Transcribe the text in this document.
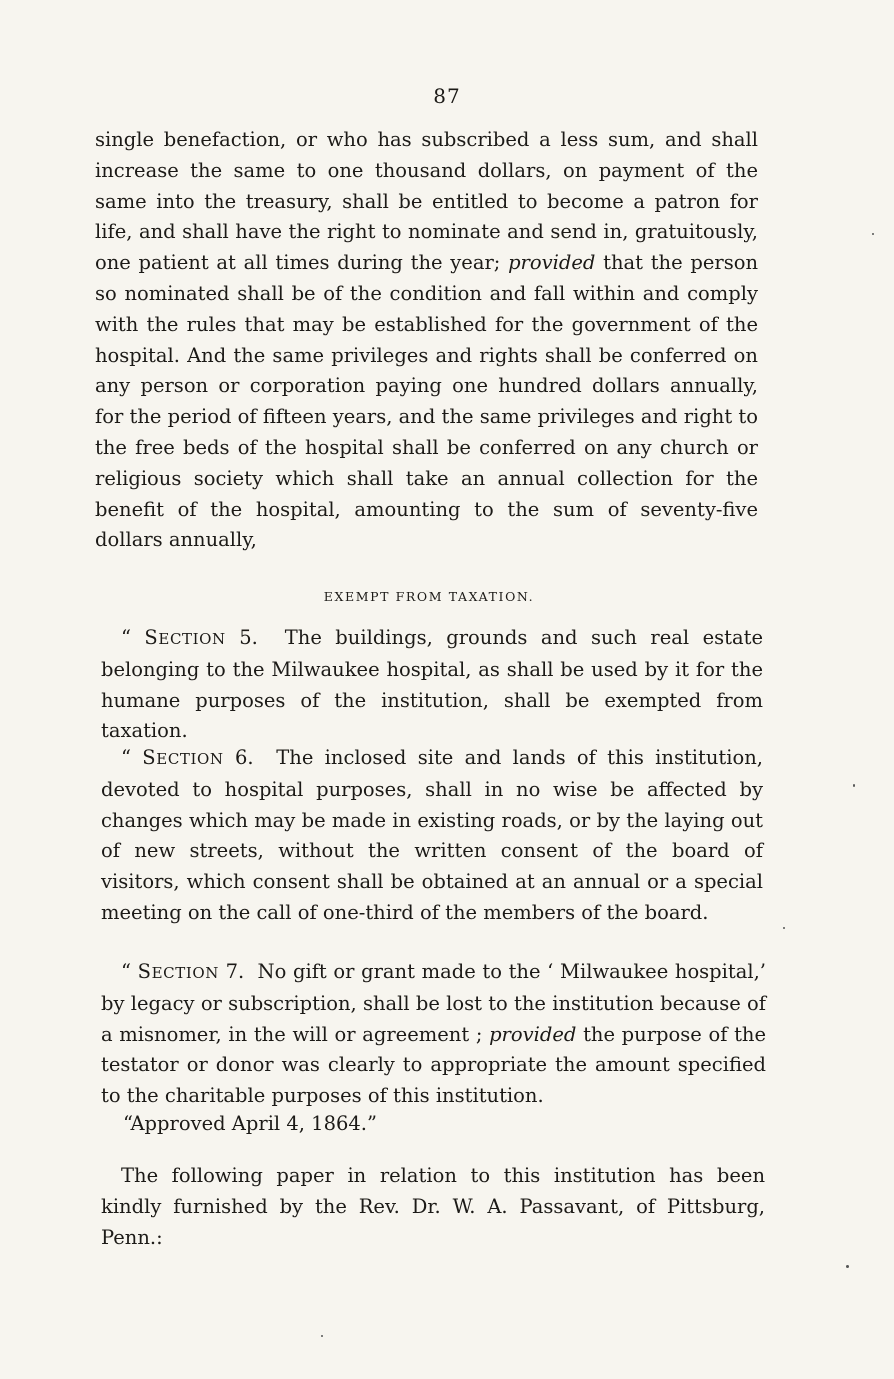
87

single benefaction, or who has subscribed a less sum, and shall increase the same to one thousand dollars, on payment of the same into the treasury, shall be entitled to become a patron for life, and shall have the right to nominate and send in, gratuitously, one patient at all times during the year; provided that the person so nominated shall be of the condition and fall within and comply with the rules that may be established for the government of the hospital. And the same privileges and rights shall be conferred on any person or corporation paying one hundred dollars annually, for the period of fifteen years, and the same privileges and right to the free beds of the hospital shall be conferred on any church or religious society which shall take an annual collection for the benefit of the hospital, amounting to the sum of seventy-five dollars annually,

EXEMPT FROM TAXATION.

“ SECTION 5. The buildings, grounds and such real estate belonging to the Milwaukee hospital, as shall be used by it for the humane purposes of the institution, shall be exempted from taxation.

“ SECTION 6. The inclosed site and lands of this institution, devoted to hospital purposes, shall in no wise be affected by changes which may be made in existing roads, or by the laying out of new streets, without the written consent of the board of visitors, which consent shall be obtained at an annual or a special meeting on the call of one-third of the members of the board.

“ SECTION 7. No gift or grant made to the ‘ Milwaukee hospital,’ by legacy or subscription, shall be lost to the institution because of a misnomer, in the will or agreement ; provided the purpose of the testator or donor was clearly to appropriate the amount specified to the charitable purposes of this institution.

“Approved April 4, 1864.”

The following paper in relation to this institution has been kindly furnished by the Rev. Dr. W. A. Passavant, of Pittsburg, Penn.:
